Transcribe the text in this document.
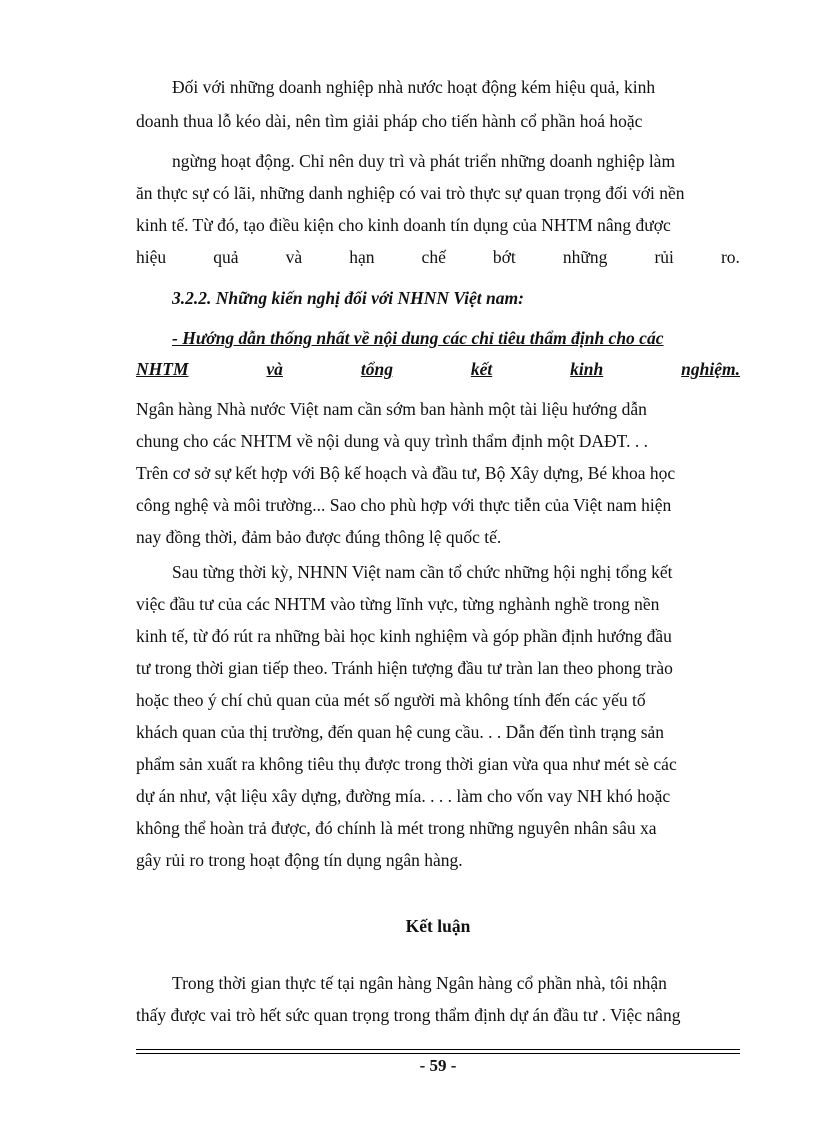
Đối với những doanh nghiệp nhà nước hoạt động kém hiệu quả, kinh
doanh thua lỗ kéo dài, nên tìm giải pháp cho tiến hành cổ phần hoá hoặc
ngừng hoạt động. Chỉ nên duy trì và phát triển những doanh nghiệp làm
ăn thực sự có lãi, những danh nghiệp có vai trò thực sự quan trọng đối với nền
kinh tế. Từ đó, tạo điều kiện cho kinh doanh tín dụng của NHTM nâng được
hiệu	quả	và	hạn	chế	bớt	những	rủi	ro.
3.2.2. Những kiến nghị đối với NHNN Việt nam:
- Hướng dẫn thống nhất về nội dung các chỉ tiêu thẩm định cho các
NHTM	và	tổng	kết	kinh	nghiệm.
Ngân hàng Nhà nước Việt nam cần sớm ban hành một tài liệu hướng dẫn
chung cho các NHTM về nội dung và quy trình thẩm định một DAĐT. . .
Trên cơ sở sự kết hợp với Bộ kế hoạch và đầu tư, Bộ Xây dựng, Bé khoa học
công nghệ và môi trường... Sao cho phù hợp với thực tiễn của Việt nam hiện
nay đồng thời, đảm bảo được đúng thông lệ quốc tế.
Sau từng thời kỳ, NHNN Việt nam cần tổ chức những hội nghị tổng kết
việc đầu tư của các NHTM vào từng lĩnh vực, từng nghành nghề trong nền
kinh tế, từ đó rút ra những bài học kinh nghiệm và góp phần định hướng đầu
tư trong thời gian tiếp theo. Tránh hiện tượng đầu tư tràn lan theo phong trào
hoặc theo ý chí chủ quan của mét số người mà không tính đến các yếu tố
khách quan của thị trường, đến quan hệ cung cầu. . . Dẫn đến tình trạng sản
phẩm sản xuất ra không tiêu thụ được trong thời gian vừa qua như mét sè các
dự án như, vật liệu xây dựng, đường mía. . . . làm cho vốn vay NH khó hoặc
không thể hoàn trả được, đó chính là mét trong những nguyên nhân sâu xa
gây rủi ro trong hoạt động tín dụng ngân hàng.
Kết luận
Trong thời gian thực tế tại ngân hàng Ngân hàng cổ phần nhà, tôi nhận
thấy được vai trò hết sức quan trọng trong thẩm định dự án đầu tư . Việc nâng
- 59 -
